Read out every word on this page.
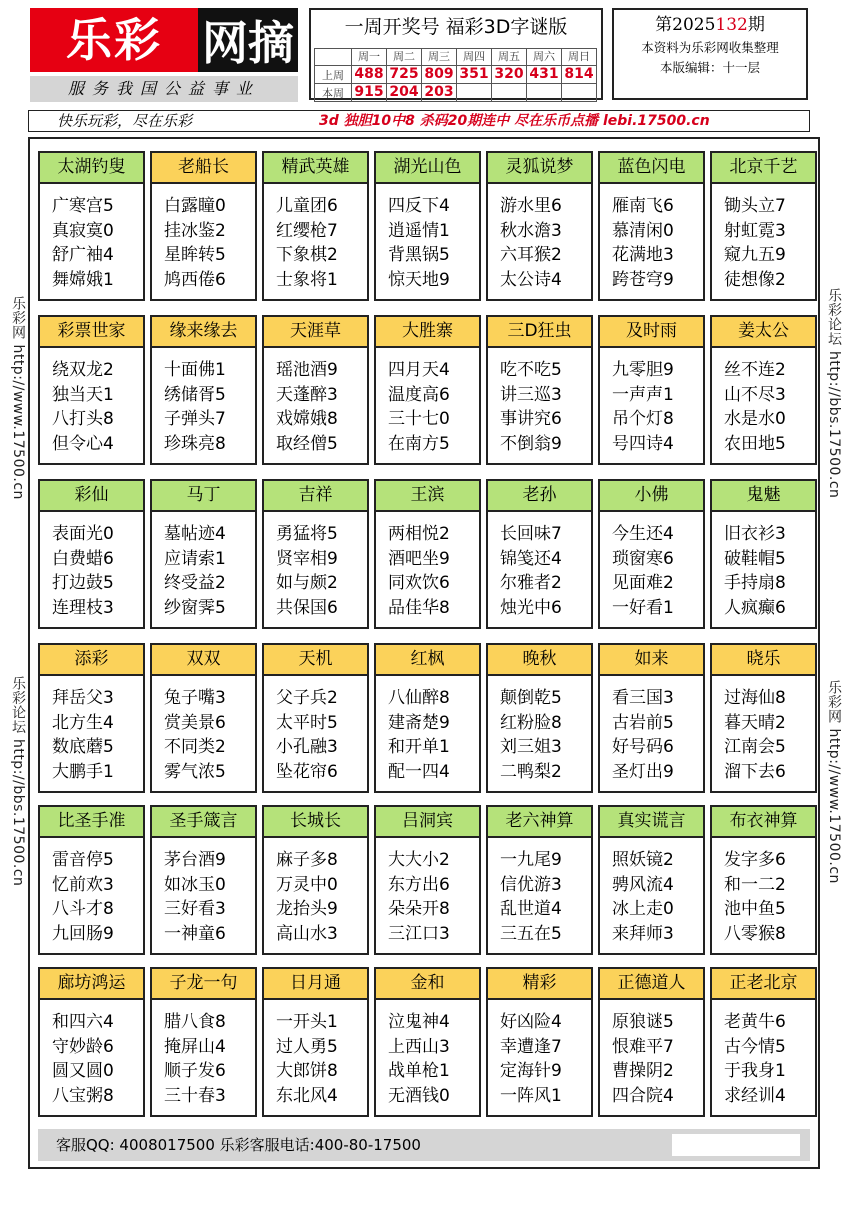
乐彩 网摘
服务我国公益事业
一周开奖号 福彩3D字谜版
	周一	周二	周三	周四	周五	周六	周日
上周	488	725	809	351	320	431	814
本周	915	204	203				
第2025132期
本资料为乐彩网收集整理
本版编辑：十一层
快乐玩彩，尽在乐彩	3d 独胆10中8 杀码20期连中 尽在乐币点播 lebi.17500.cn
乐彩网 http://www.17500.cn
乐彩论坛 http://bbs.17500.cn
乐彩论坛 http://bbs.17500.cn
乐彩网 http://www.17500.cn
太湖钓叟
广寒宫5
真寂寞0
舒广袖4
舞嫦娥1
老船长
白露瞳0
挂冰鉴2
星眸转5
鸠西倦6
精武英雄
儿童团6
红缨枪7
下象棋2
士象将1
湖光山色
四反下4
逍遥情1
背黑锅5
惊天地9
灵狐说梦
游水里6
秋水澹3
六耳猴2
太公诗4
蓝色闪电
雁南飞6
慕清闲0
花满地3
跨苍穹9
北京千艺
锄头立7
射虹霓3
窥九五9
徒想像2
彩票世家
绕双龙2
独当天1
八打头8
但令心4
缘来缘去
十面佛1
绣储胥5
子弹头7
珍珠亮8
天涯草
瑶池酒9
天蓬醉3
戏嫦娥8
取经僧5
大胜寨
四月天4
温度高6
三十七0
在南方5
三D狂虫
吃不吃5
讲三巡3
事讲究6
不倒翁9
及时雨
九零胆9
一声声1
吊个灯8
号四诗4
姜太公
丝不连2
山不尽3
水是水0
农田地5
彩仙
表面光0
白费蜡6
打边鼓5
连理枝3
马丁
墓帖迹4
应请索1
终受益2
纱窗霁5
吉祥
勇猛将5
贤宰相9
如与颇2
共保国6
王滨
两相悦2
酒吧坐9
同欢饮6
品佳华8
老孙
长回味7
锦笺还4
尔雅者2
烛光中6
小佛
今生还4
琐窗寒6
见面难2
一好看1
鬼魅
旧衣衫3
破鞋帽5
手持扇8
人疯癫6
添彩
拜岳父3
北方生4
数底蘑5
大鹏手1
双双
兔子嘴3
赏美景6
不同类2
雾气浓5
天机
父子兵2
太平时5
小孔融3
坠花帘6
红枫
八仙醉8
建斋楚9
和开单1
配一四4
晚秋
颠倒乾5
红粉脸8
刘三姐3
二鸭梨2
如来
看三国3
古岩前5
好号码6
圣灯出9
晓乐
过海仙8
暮天晴2
江南会5
溜下去6
比圣手准
雷音停5
忆前欢3
八斗才8
九回肠9
圣手箴言
茅台酒9
如冰玉0
三好看3
一神童6
长城长
麻子多8
万灵中0
龙抬头9
高山水3
吕洞宾
大大小2
东方出6
朵朵开8
三江口3
老六神算
一九尾9
信优游3
乱世道4
三五在5
真实谎言
照妖镜2
骋风流4
冰上走0
来拜师3
布衣神算
发字多6
和一二2
池中鱼5
八零猴8
廊坊鸿运
和四六4
守妙龄6
圆又圆0
八宝粥8
子龙一句
腊八食8
掩屏山4
顺子发6
三十春3
日月通
一开头1
过人勇5
大郎饼8
东北风4
金和
泣鬼神4
上西山3
战单枪1
无酒钱0
精彩
好凶险4
幸遭逢7
定海针9
一阵风1
正德道人
原狼谜5
恨难平7
曹操阴2
四合院4
正老北京
老黄牛6
古今情5
于我身1
求经训4
客服QQ: 4008017500 乐彩客服电话:400-80-17500
